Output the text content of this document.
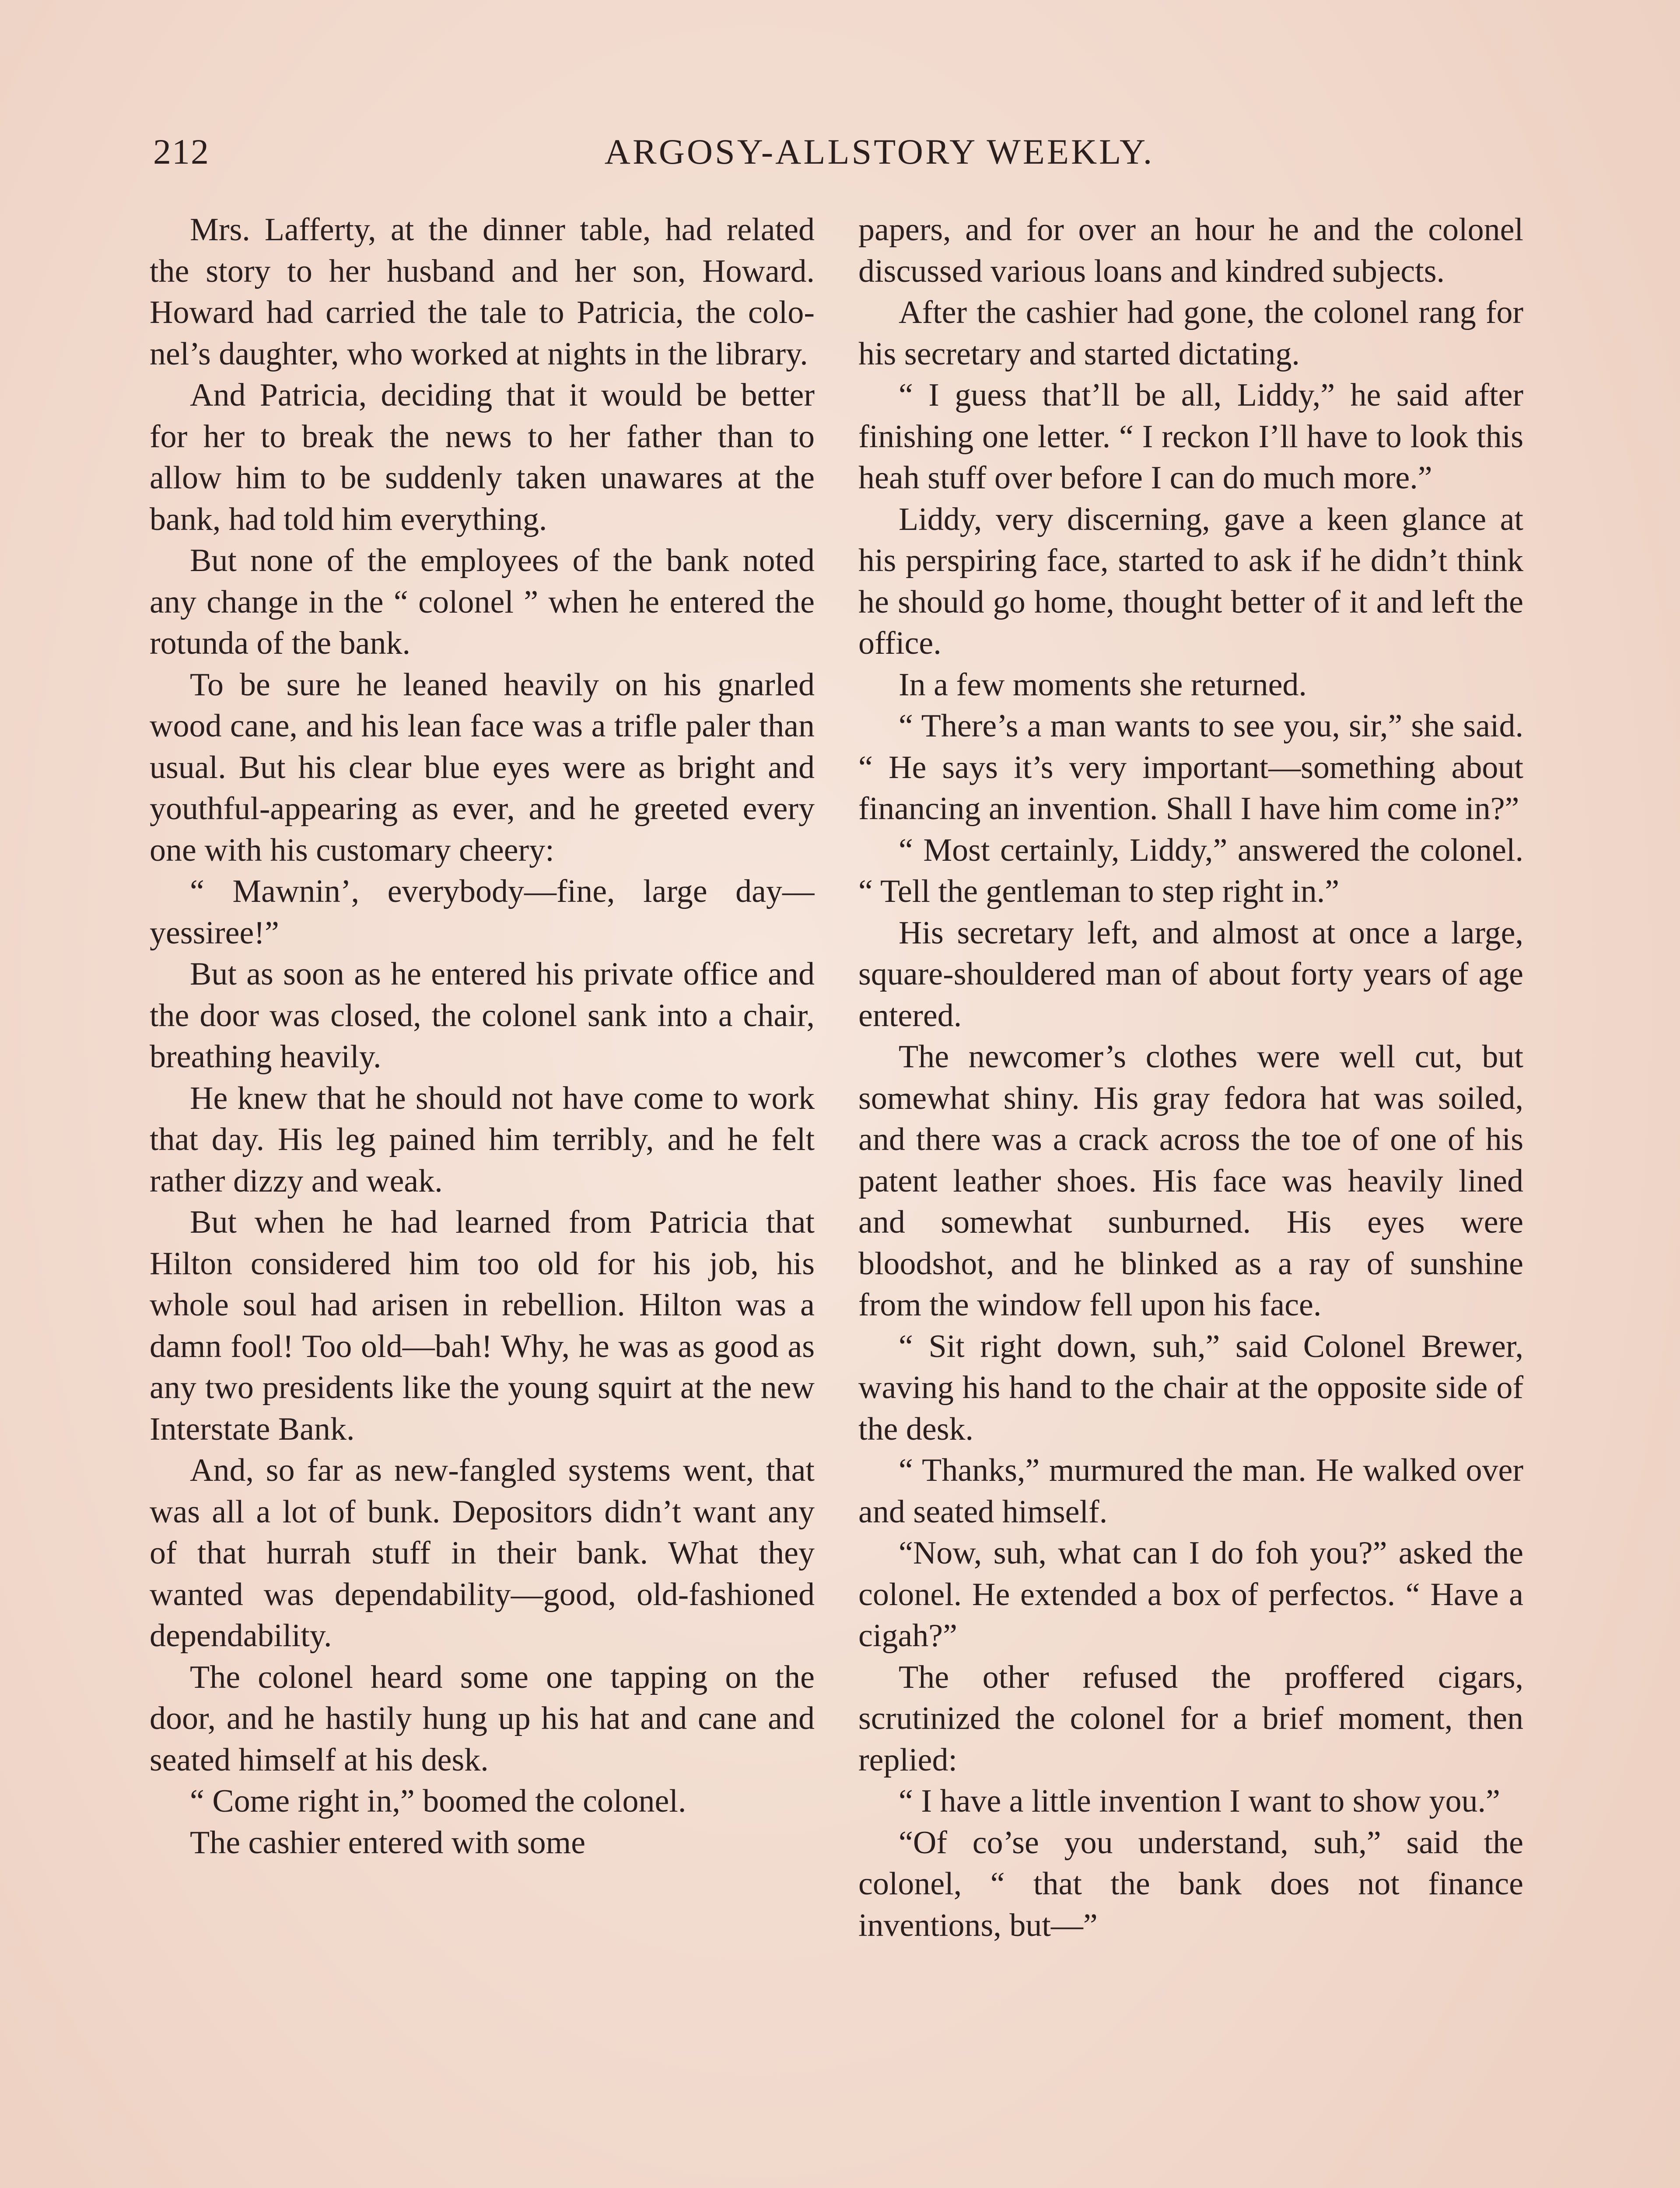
212	ARGOSY-ALLSTORY WEEKLY.

Mrs. Lafferty, at the dinner table, had related the story to her husband and her son, Howard. Howard had carried the tale to Patricia, the colonel’s daughter, who worked at nights in the library.

And Patricia, deciding that it would be better for her to break the news to her father than to allow him to be suddenly taken unawares at the bank, had told him everything.

But none of the employees of the bank noted any change in the “ colonel ” when he entered the rotunda of the bank.

To be sure he leaned heavily on his gnarled wood cane, and his lean face was a trifle paler than usual. But his clear blue eyes were as bright and youthful-appearing as ever, and he greeted every one with his customary cheery:

“ Mawnin’, everybody—fine, large day—yessiree!”

But as soon as he entered his private office and the door was closed, the colonel sank into a chair, breathing heavily.

He knew that he should not have come to work that day. His leg pained him terribly, and he felt rather dizzy and weak.

But when he had learned from Patricia that Hilton considered him too old for his job, his whole soul had arisen in rebellion. Hilton was a damn fool! Too old—bah! Why, he was as good as any two presidents like the young squirt at the new Interstate Bank.

And, so far as new-fangled systems went, that was all a lot of bunk. Depositors didn’t want any of that hurrah stuff in their bank. What they wanted was dependability—good, old-fashioned dependability.

The colonel heard some one tapping on the door, and he hastily hung up his hat and cane and seated himself at his desk.

“ Come right in,” boomed the colonel.

The cashier entered with some

papers, and for over an hour he and the colonel discussed various loans and kindred subjects.

After the cashier had gone, the colonel rang for his secretary and started dictating.

“ I guess that’ll be all, Liddy,” he said after finishing one letter. “ I reckon I’ll have to look this heah stuff over before I can do much more.”

Liddy, very discerning, gave a keen glance at his perspiring face, started to ask if he didn’t think he should go home, thought better of it and left the office.

In a few moments she returned.

“ There’s a man wants to see you, sir,” she said. “ He says it’s very important—something about financing an invention. Shall I have him come in?”

“ Most certainly, Liddy,” answered the colonel. “ Tell the gentleman to step right in.”

His secretary left, and almost at once a large, square-shouldered man of about forty years of age entered.

The newcomer’s clothes were well cut, but somewhat shiny. His gray fedora hat was soiled, and there was a crack across the toe of one of his patent leather shoes. His face was heavily lined and somewhat sunburned. His eyes were bloodshot, and he blinked as a ray of sunshine from the window fell upon his face.

“ Sit right down, suh,” said Colonel Brewer, waving his hand to the chair at the opposite side of the desk.

“ Thanks,” murmured the man. He walked over and seated himself.

“Now, suh, what can I do foh you?” asked the colonel. He extended a box of perfectos. “ Have a cigah?”

The other refused the proffered cigars, scrutinized the colonel for a brief moment, then replied:

“ I have a little invention I want to show you.”

“Of co’se you understand, suh,” said the colonel, “ that the bank does not finance inventions, but—”
